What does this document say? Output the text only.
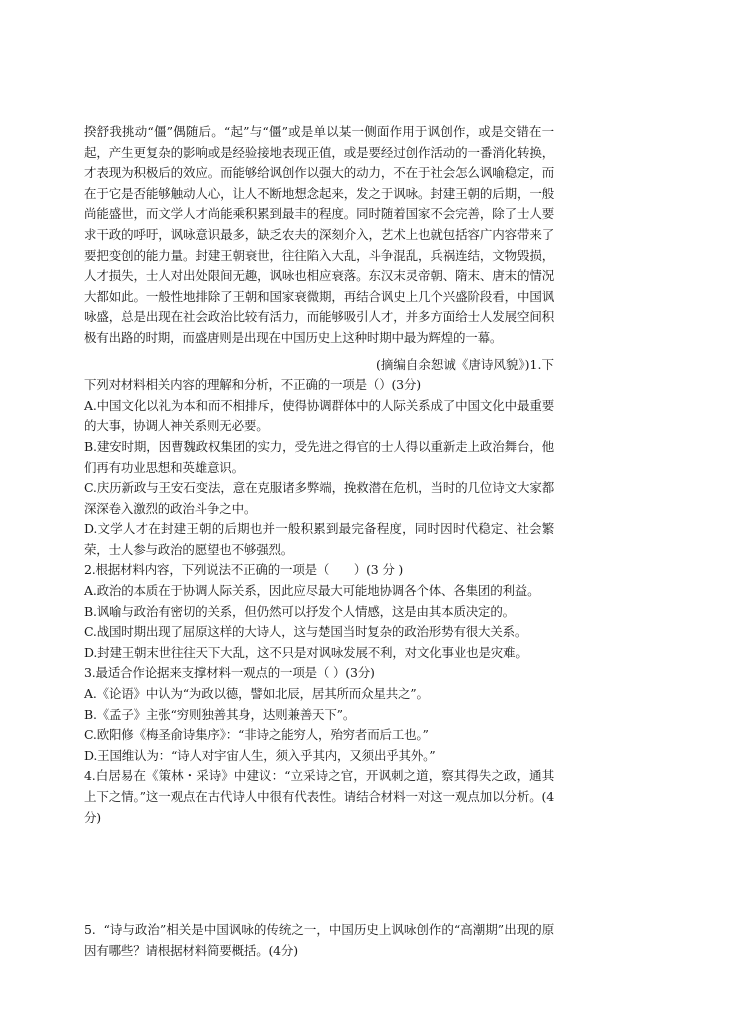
揆舒我挑动“僵”偶随后。“起”与“僵”或是单以某一侧面作用于讽创作，或是交错在一起，产生更复杂的影响或是经验接地表现正值，或是要经过创作活动的一番消化转换，才表现为积极后的效应。而能够给讽创作以强大的动力，不在于社会怎么讽喻稳定，而在于它是否能够触动人心，让人不断地想念起来，发之于讽咏。封建王朝的后期，一般尚能盛世，而文学人才尚能乘积累到最丰的程度。同时随着国家不会完善，除了士人要求干政的呼吁，讽咏意识最多，缺乏农夫的深刻介入，艺术上也就包括容广内容带来了要把变创的能力量。封建王朝衰世，往往陷入大乱，斗争混乱，兵祸连结，文物毁损，人才损失，士人对出处限间无趣，讽咏也相应衰落。东汉末灵帝朝、隋末、唐末的情况大都如此。一般性地排除了王朝和国家衰微期，再结合讽史上几个兴盛阶段看，中国讽咏盛，总是出现在社会政治比较有活力，而能够吸引人才，并多方面给士人发展空间积极有出路的时期，而盛唐则是出现在中国历史上这种时期中最为辉煌的一幕。

(摘编自余恕诚《唐诗风貌》)1.下

下列对材料相关内容的理解和分析，不正确的一项是（）(3分)

A.中国文化以礼为本和而不相排斥，使得协调群体中的人际关系成了中国文化中最重要的大事，协调人神关系则无必要。

B.建安时期，因曹魏政权集团的实力，受先进之得官的士人得以重新走上政治舞台，他们再有功业思想和英雄意识。

C.庆历新政与王安石变法，意在克服诸多弊端，挽救潜在危机，当时的几位诗文大家都深深卷入激烈的政治斗争之中。

D.文学人才在封建王朝的后期也并一般积累到最完备程度，同时因时代稳定、社会繁荣，士人参与政治的愿望也不够强烈。

2.根据材料内容，下列说法不正确的一项是（　　）(3 分 )

A.政治的本质在于协调人际关系，因此应尽最大可能地协调各个体、各集团的利益。

B.讽喻与政治有密切的关系，但仍然可以抒发个人情感，这是由其本质决定的。

C.战国时期出现了屈原这样的大诗人，这与楚国当时复杂的政治形势有很大关系。

D.封建王朝末世往往天下大乱，这不只是对讽咏发展不利，对文化事业也是灾难。

3.最适合作论据来支撑材料一观点的一项是（ ）(3分)

A.《论语》中认为“为政以德，譬如北辰，居其所而众星共之”。

B.《孟子》主张“穷则独善其身，达则兼善天下”。

C.欧阳修《梅圣俞诗集序》：“非诗之能穷人，殆穷者而后工也。”

D.王国维认为：“诗人对宇宙人生，须入乎其内，又须出乎其外。”

4.白居易在《策林・采诗》中建议：“立采诗之官，开讽刺之道，察其得失之政，通其上下之情。”这一观点在古代诗人中很有代表性。请结合材料一对这一观点加以分析。(4分)

5. “诗与政治”相关是中国讽咏的传统之一，中国历史上讽咏创作的“高潮期”出现的原因有哪些？请根据材料简要概括。(4分)
